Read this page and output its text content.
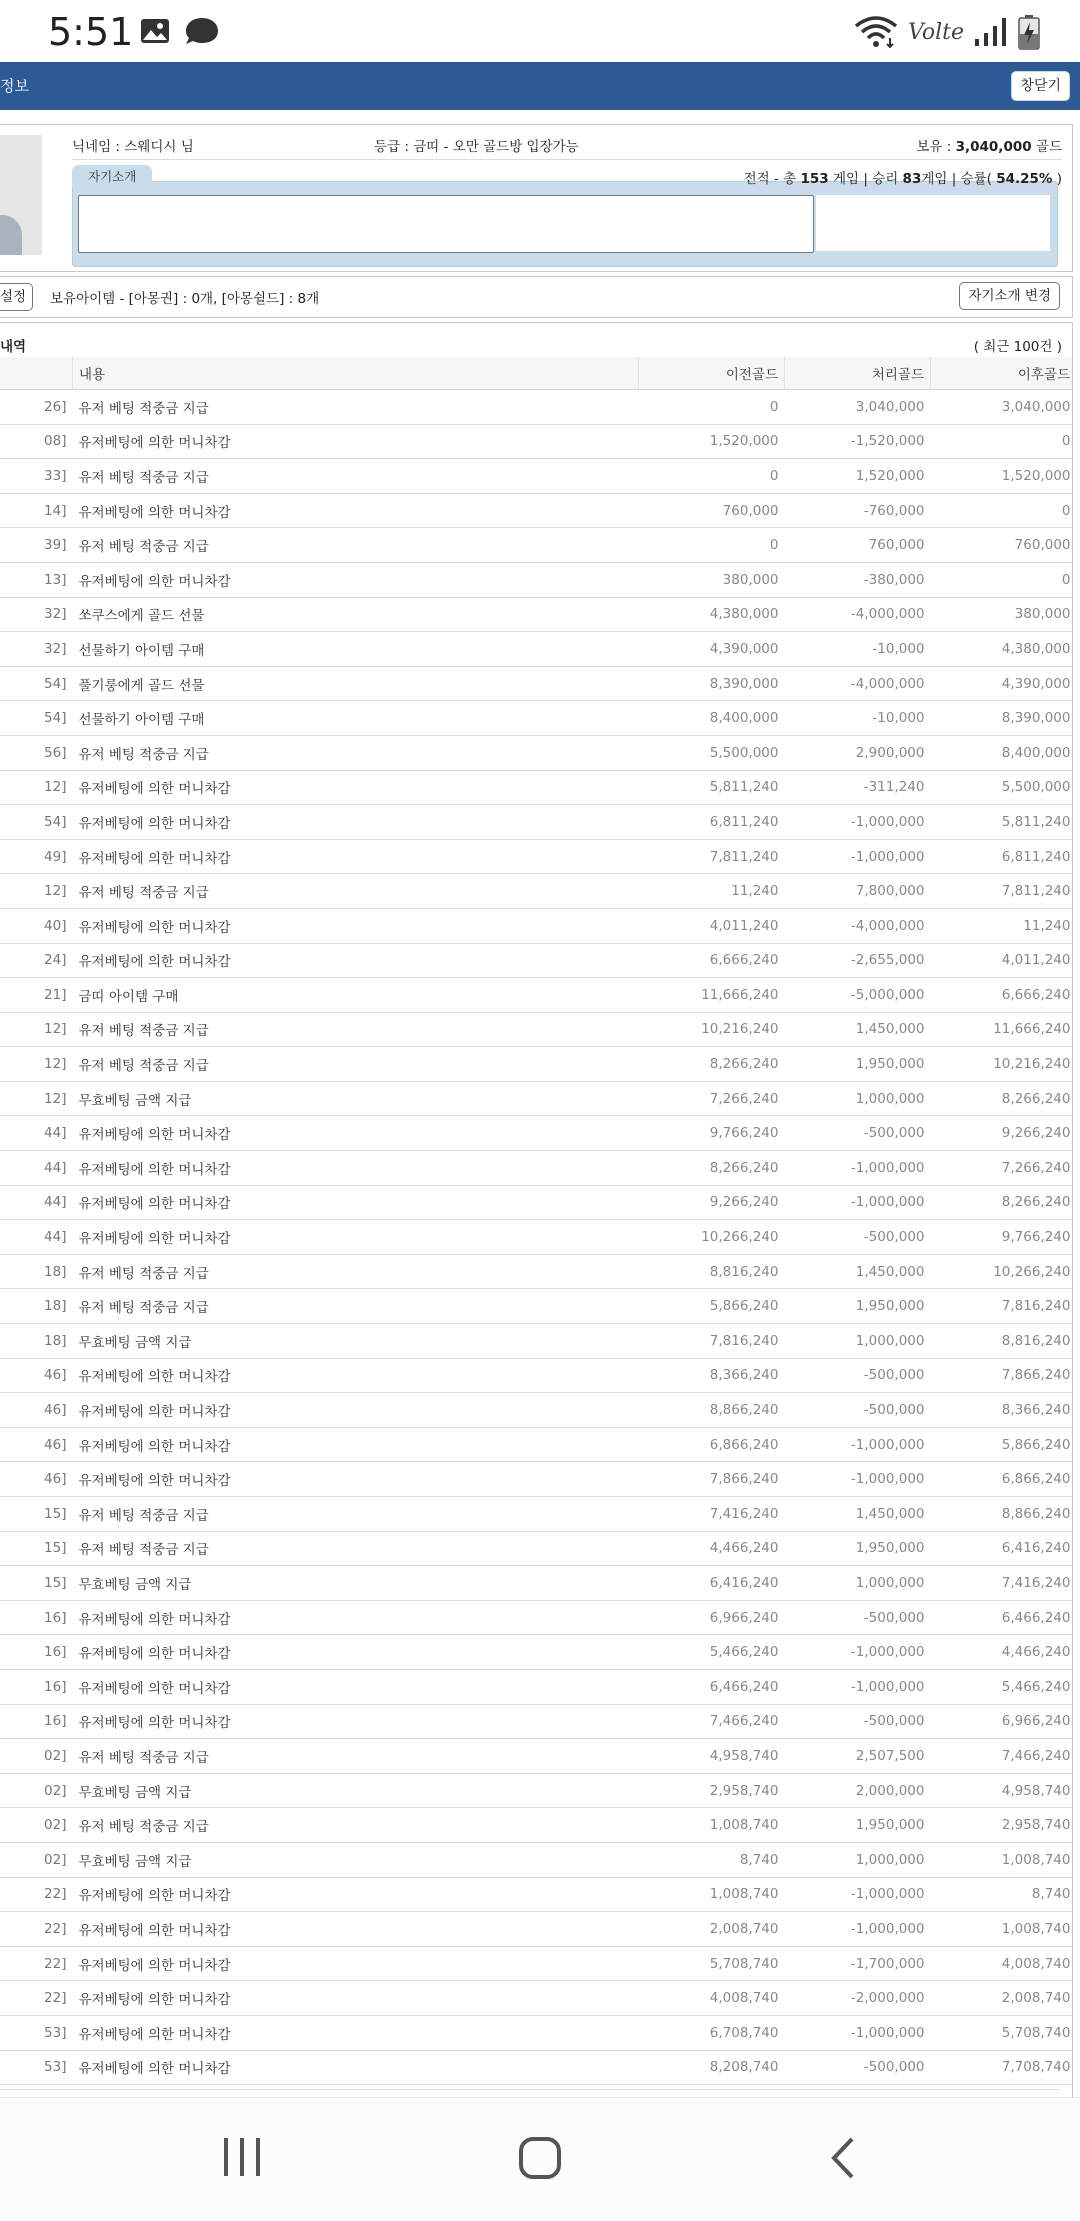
5:51	Volte
정보	창닫기
닉네임 : 스웨디시 님	등급 : 금띠 - 오만 골드방 입장가능	보유 : 3,040,000 골드
자기소개	전적 - 총 153 게임 | 승리 83게임 | 승률( 54.25% )
설정	보유아이템 - [아몽권] : 0개, [아몽쉴드] : 8개	자기소개 변경
내역	( 최근 100건 )
	내용	이전골드	처리골드	이후골드
26]	유저 베팅 적중금 지급	0	3,040,000	3,040,000
08]	유저베팅에 의한 머니차감	1,520,000	-1,520,000	0
33]	유저 베팅 적중금 지급	0	1,520,000	1,520,000
14]	유저베팅에 의한 머니차감	760,000	-760,000	0
39]	유저 베팅 적중금 지급	0	760,000	760,000
13]	유저베팅에 의한 머니차감	380,000	-380,000	0
32]	쏘쿠스에게 골드 선물	4,380,000	-4,000,000	380,000
32]	선물하기 아이템 구매	4,390,000	-10,000	4,380,000
54]	풀기룽에게 골드 선물	8,390,000	-4,000,000	4,390,000
54]	선물하기 아이템 구매	8,400,000	-10,000	8,390,000
56]	유저 베팅 적중금 지급	5,500,000	2,900,000	8,400,000
12]	유저베팅에 의한 머니차감	5,811,240	-311,240	5,500,000
54]	유저베팅에 의한 머니차감	6,811,240	-1,000,000	5,811,240
49]	유저베팅에 의한 머니차감	7,811,240	-1,000,000	6,811,240
12]	유저 베팅 적중금 지급	11,240	7,800,000	7,811,240
40]	유저베팅에 의한 머니차감	4,011,240	-4,000,000	11,240
24]	유저베팅에 의한 머니차감	6,666,240	-2,655,000	4,011,240
21]	금띠 아이템 구매	11,666,240	-5,000,000	6,666,240
12]	유저 베팅 적중금 지급	10,216,240	1,450,000	11,666,240
12]	유저 베팅 적중금 지급	8,266,240	1,950,000	10,216,240
12]	무효베팅 금액 지급	7,266,240	1,000,000	8,266,240
44]	유저베팅에 의한 머니차감	9,766,240	-500,000	9,266,240
44]	유저베팅에 의한 머니차감	8,266,240	-1,000,000	7,266,240
44]	유저베팅에 의한 머니차감	9,266,240	-1,000,000	8,266,240
44]	유저베팅에 의한 머니차감	10,266,240	-500,000	9,766,240
18]	유저 베팅 적중금 지급	8,816,240	1,450,000	10,266,240
18]	유저 베팅 적중금 지급	5,866,240	1,950,000	7,816,240
18]	무효베팅 금액 지급	7,816,240	1,000,000	8,816,240
46]	유저베팅에 의한 머니차감	8,366,240	-500,000	7,866,240
46]	유저베팅에 의한 머니차감	8,866,240	-500,000	8,366,240
46]	유저베팅에 의한 머니차감	6,866,240	-1,000,000	5,866,240
46]	유저베팅에 의한 머니차감	7,866,240	-1,000,000	6,866,240
15]	유저 베팅 적중금 지급	7,416,240	1,450,000	8,866,240
15]	유저 베팅 적중금 지급	4,466,240	1,950,000	6,416,240
15]	무효베팅 금액 지급	6,416,240	1,000,000	7,416,240
16]	유저베팅에 의한 머니차감	6,966,240	-500,000	6,466,240
16]	유저베팅에 의한 머니차감	5,466,240	-1,000,000	4,466,240
16]	유저베팅에 의한 머니차감	6,466,240	-1,000,000	5,466,240
16]	유저베팅에 의한 머니차감	7,466,240	-500,000	6,966,240
02]	유저 베팅 적중금 지급	4,958,740	2,507,500	7,466,240
02]	무효베팅 금액 지급	2,958,740	2,000,000	4,958,740
02]	유저 베팅 적중금 지급	1,008,740	1,950,000	2,958,740
02]	무효베팅 금액 지급	8,740	1,000,000	1,008,740
22]	유저베팅에 의한 머니차감	1,008,740	-1,000,000	8,740
22]	유저베팅에 의한 머니차감	2,008,740	-1,000,000	1,008,740
22]	유저베팅에 의한 머니차감	5,708,740	-1,700,000	4,008,740
22]	유저베팅에 의한 머니차감	4,008,740	-2,000,000	2,008,740
53]	유저베팅에 의한 머니차감	6,708,740	-1,000,000	5,708,740
53]	유저베팅에 의한 머니차감	8,208,740	-500,000	7,708,740
